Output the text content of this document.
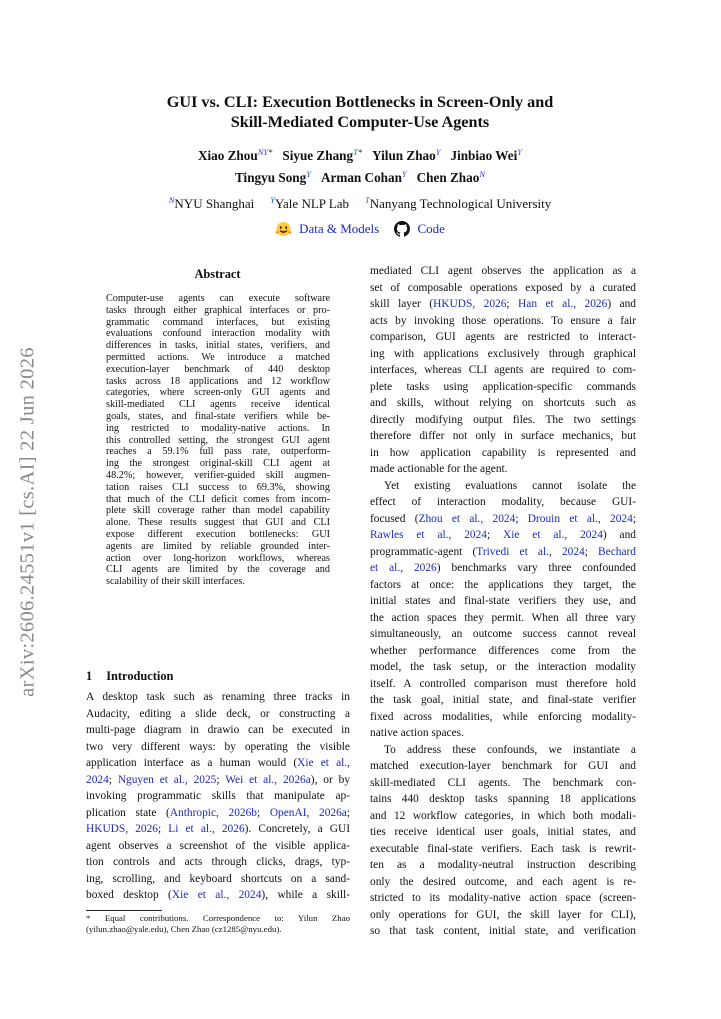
arXiv:2606.24551v1 [cs.AI] 22 Jun 2026
GUI vs. CLI: Execution Bottlenecks in Screen-Only and
Skill-Mediated Computer-Use Agents
Xiao Zhou$^{NY*}$ Siyue Zhang$^{T*}$ Yilun Zhao$^Y$ Jinbiao Wei$^Y$
Tingyu Song$^Y$ Arman Cohan$^Y$ Chen Zhao$^N$
$^N$NYU Shanghai $^Y$Yale NLP Lab $^T$Nanyang Technological University
Data & Models
	Code
Abstract
Computer-use agents can execute software
tasks through either graphical interfaces or pro-
grammatic command interfaces, but existing
evaluations confound interaction modality with
differences in tasks, initial states, verifiers, and
permitted actions. We introduce a matched
execution-layer benchmark of 440 desktop
tasks across 18 applications and 12 workflow
categories, where screen-only GUI agents and
skill-mediated CLI agents receive identical
goals, states, and final-state verifiers while be-
ing restricted to modality-native actions. In
this controlled setting, the strongest GUI agent
reaches a 59.1% full pass rate, outperform-
ing the strongest original-skill CLI agent at
48.2%; however, verifier-guided skill augmen-
tation raises CLI success to 69.3%, showing
that much of the CLI deficit comes from incom-
plete skill coverage rather than model capability
alone. These results suggest that GUI and CLI
expose different execution bottlenecks: GUI
agents are limited by reliable grounded inter-
action over long-horizon workflows, whereas
CLI agents are limited by the coverage and
scalability of their skill interfaces.
1 Introduction
A desktop task such as renaming three tracks in
Audacity, editing a slide deck, or constructing a
multi-page diagram in drawio can be executed in
two very different ways: by operating the visible
application interface as a human would (Xie et al.,
2024; Nguyen et al., 2025; Wei et al., 2026a), or by
invoking programmatic skills that manipulate ap-
plication state (Anthropic, 2026b; OpenAI, 2026a;
HKUDS, 2026; Li et al., 2026). Concretely, a GUI
agent observes a screenshot of the visible applica-
tion controls and acts through clicks, drags, typ-
ing, scrolling, and keyboard shortcuts on a sand-
boxed desktop (Xie et al., 2024), while a skill-
* Equal contributions. Correspondence to: Yilun Zhao
(yilun.zhao@yale.edu), Chen Zhao (cz1285@nyu.edu).
mediated CLI agent observes the application as a
set of composable operations exposed by a curated
skill layer (HKUDS, 2026; Han et al., 2026) and
acts by invoking those operations. To ensure a fair
comparison, GUI agents are restricted to interact-
ing with applications exclusively through graphical
interfaces, whereas CLI agents are required to com-
plete tasks using application-specific commands
and skills, without relying on shortcuts such as
directly modifying output files. The two settings
therefore differ not only in surface mechanics, but
in how application capability is represented and
made actionable for the agent.
Yet existing evaluations cannot isolate the
effect of interaction modality, because GUI-
focused (Zhou et al., 2024; Drouin et al., 2024;
Rawles et al., 2024; Xie et al., 2024) and
programmatic-agent (Trivedi et al., 2024; Bechard
et al., 2026) benchmarks vary three confounded
factors at once: the applications they target, the
initial states and final-state verifiers they use, and
the action spaces they permit. When all three vary
simultaneously, an outcome success cannot reveal
whether performance differences come from the
model, the task setup, or the interaction modality
itself. A controlled comparison must therefore hold
the task goal, initial state, and final-state verifier
fixed across modalities, while enforcing modality-
native action spaces.
To address these confounds, we instantiate a
matched execution-layer benchmark for GUI and
skill-mediated CLI agents. The benchmark con-
tains 440 desktop tasks spanning 18 applications
and 12 workflow categories, in which both modali-
ties receive identical user goals, initial states, and
executable final-state verifiers. Each task is rewrit-
ten as a modality-neutral instruction describing
only the desired outcome, and each agent is re-
stricted to its modality-native action space (screen-
only operations for GUI, the skill layer for CLI),
so that task content, initial state, and verification
